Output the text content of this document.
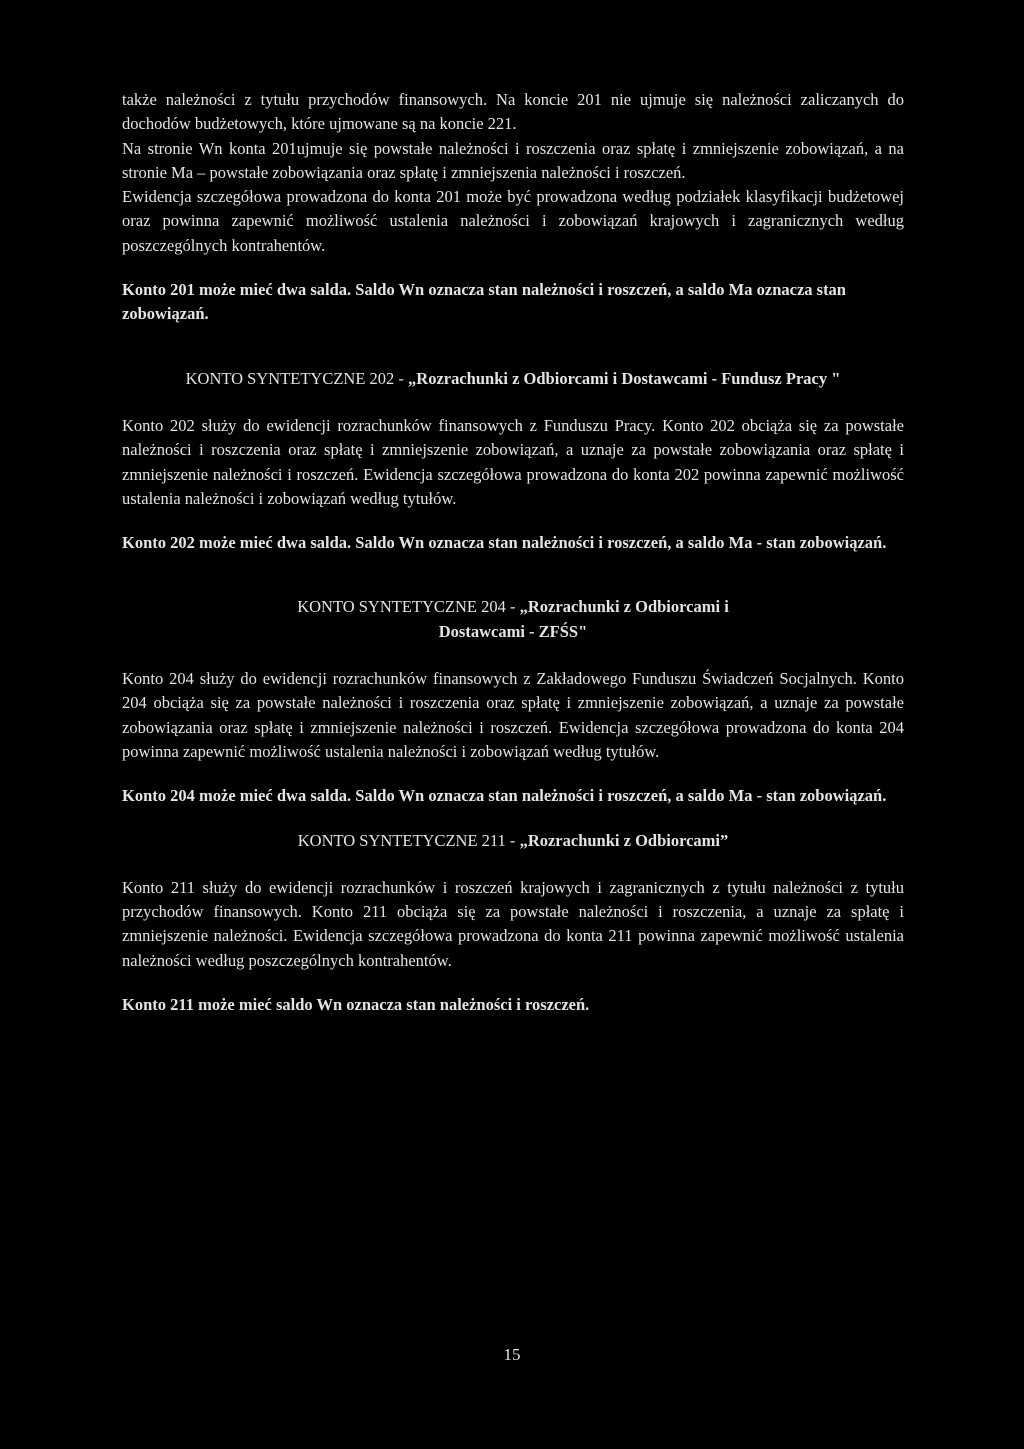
także należności z tytułu przychodów finansowych. Na koncie 201 nie ujmuje się należności zaliczanych do dochodów budżetowych, które ujmowane są na koncie 221.

Na stronie Wn konta 201ujmuje się powstałe należności i roszczenia oraz spłatę i zmniejszenie zobowiązań, a na stronie Ma – powstałe zobowiązania oraz spłatę i zmniejszenia należności i roszczeń.

Ewidencja szczegółowa prowadzona do konta 201 może być prowadzona według podziałek klasyfikacji budżetowej oraz powinna zapewnić możliwość ustalenia należności i zobowiązań krajowych i zagranicznych według poszczególnych kontrahentów.

Konto 201 może mieć dwa salda. Saldo Wn oznacza stan należności i roszczeń, a saldo Ma oznacza stan zobowiązań.

KONTO SYNTETYCZNE 202 - „Rozrachunki z Odbiorcami i Dostawcami - Fundusz Pracy "

Konto 202 służy do ewidencji rozrachunków finansowych z Funduszu Pracy. Konto 202 obciąża się za powstałe należności i roszczenia oraz spłatę i zmniejszenie zobowiązań, a uznaje za powstałe zobowiązania oraz spłatę i zmniejszenie należności i roszczeń. Ewidencja szczegółowa prowadzona do konta 202 powinna zapewnić możliwość ustalenia należności i zobowiązań według tytułów.

Konto 202 może mieć dwa salda. Saldo Wn oznacza stan należności i roszczeń, a saldo Ma - stan zobowiązań.

KONTO SYNTETYCZNE 204 - „Rozrachunki z Odbiorcami i
Dostawcami - ZFŚS"

Konto 204 służy do ewidencji rozrachunków finansowych z Zakładowego Funduszu Świadczeń Socjalnych. Konto 204 obciąża się za powstałe należności i roszczenia oraz spłatę i zmniejszenie zobowiązań, a uznaje za powstałe zobowiązania oraz spłatę i zmniejszenie należności i roszczeń. Ewidencja szczegółowa prowadzona do konta 204 powinna zapewnić możliwość ustalenia należności i zobowiązań według tytułów.

Konto 204 może mieć dwa salda. Saldo Wn oznacza stan należności i roszczeń, a saldo Ma - stan zobowiązań.

KONTO SYNTETYCZNE 211 - „Rozrachunki z Odbiorcami”

Konto 211 służy do ewidencji rozrachunków i roszczeń krajowych i zagranicznych z tytułu należności z tytułu przychodów finansowych. Konto 211 obciąża się za powstałe należności i roszczenia, a uznaje za spłatę i zmniejszenie należności. Ewidencja szczegółowa prowadzona do konta 211 powinna zapewnić możliwość ustalenia należności według poszczególnych kontrahentów.

Konto 211 może mieć saldo Wn oznacza stan należności i roszczeń.

15
